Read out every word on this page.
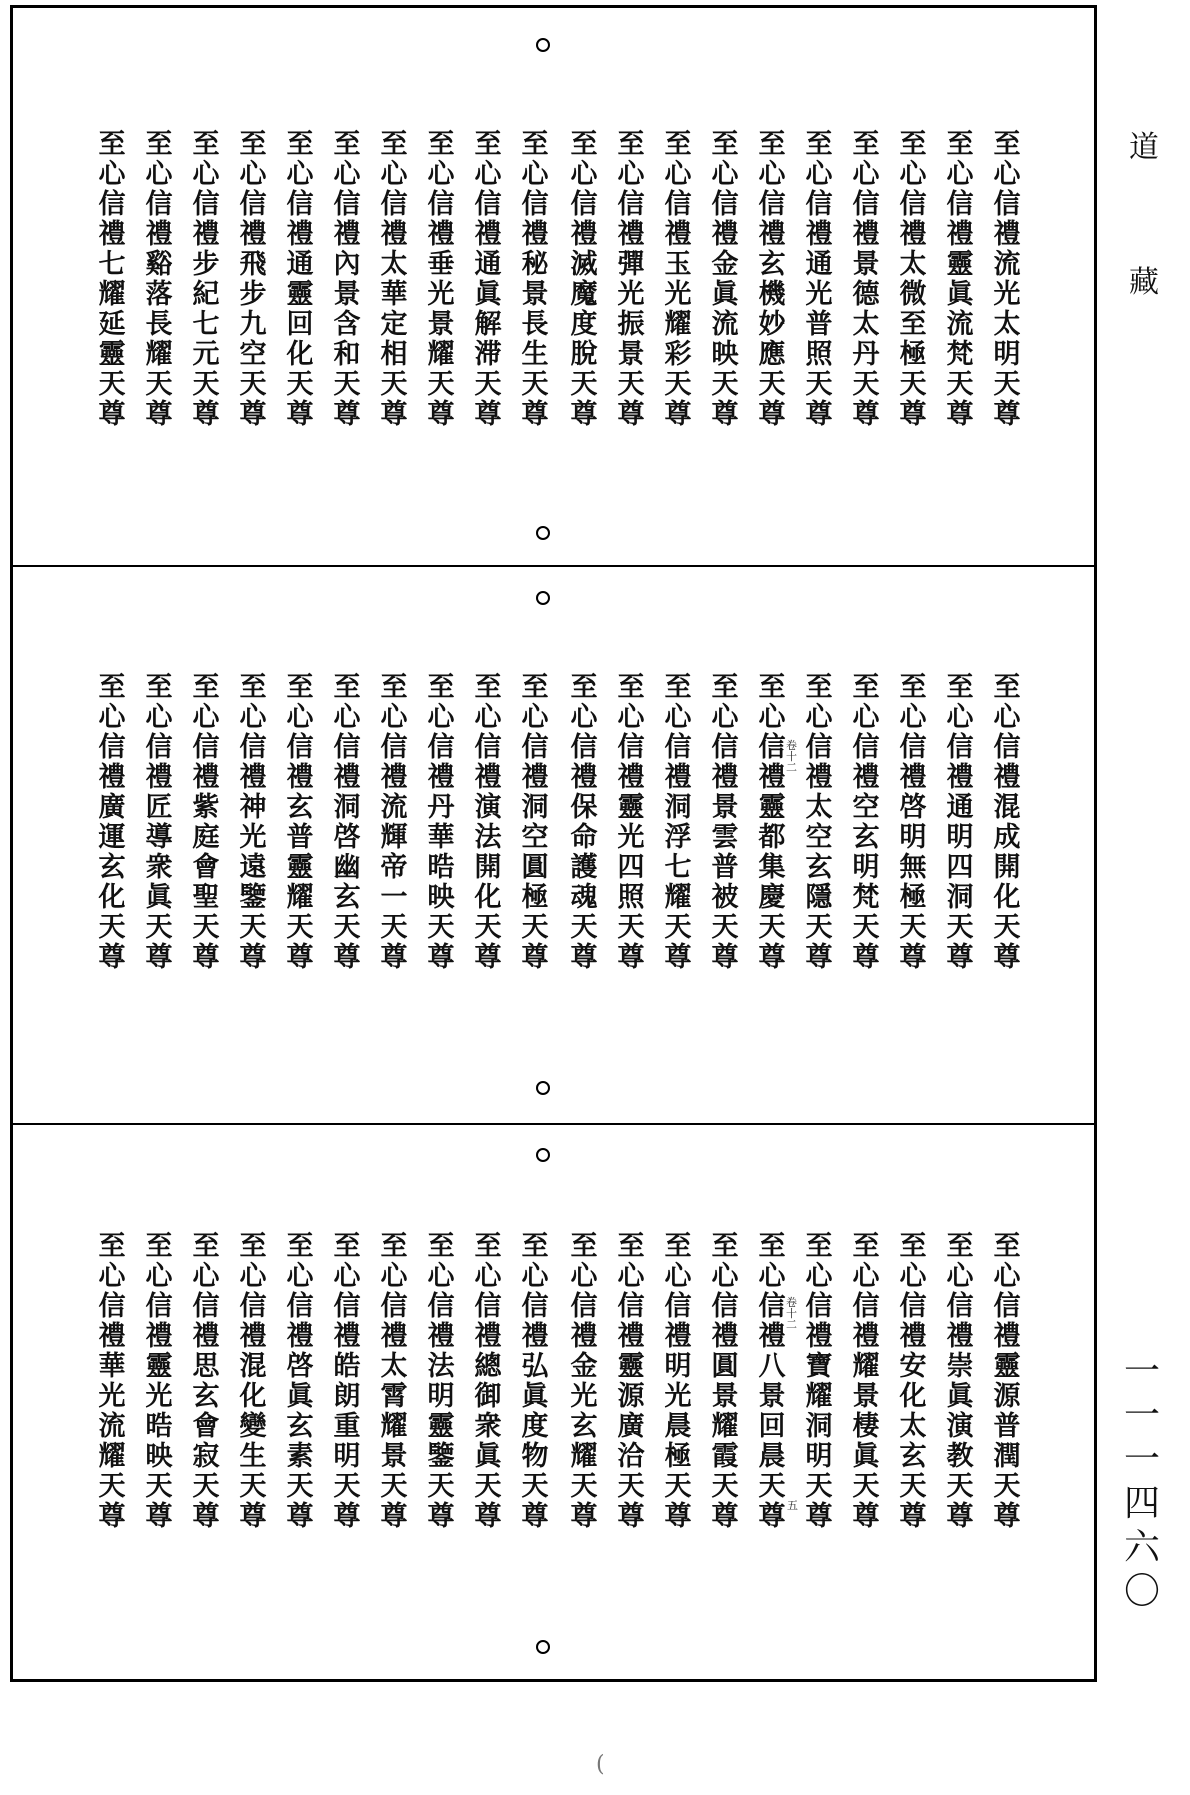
道
藏
一一一四六〇
卷十二
卷十二
五
(
至心信禮流光太明天尊
至心信禮靈眞流梵天尊
至心信禮太微至極天尊
至心信禮景德太丹天尊
至心信禮通光普照天尊
至心信禮玄機妙應天尊
至心信禮金眞流映天尊
至心信禮玉光耀彩天尊
至心信禮彈光振景天尊
至心信禮滅魔度脫天尊
至心信禮秘景長生天尊
至心信禮通眞解滞天尊
至心信禮垂光景耀天尊
至心信禮太華定相天尊
至心信禮內景含和天尊
至心信禮通靈回化天尊
至心信禮飛步九空天尊
至心信禮步紀七元天尊
至心信禮谿落長耀天尊
至心信禮七耀延靈天尊
至心信禮混成開化天尊
至心信禮通明四洞天尊
至心信禮啓明無極天尊
至心信禮空玄明梵天尊
至心信禮太空玄隱天尊
至心信禮靈都集慶天尊
至心信禮景雲普被天尊
至心信禮洞浮七耀天尊
至心信禮靈光四照天尊
至心信禮保命護魂天尊
至心信禮洞空圓極天尊
至心信禮演法開化天尊
至心信禮丹華晧映天尊
至心信禮流輝帝一天尊
至心信禮洞啓幽玄天尊
至心信禮玄普靈耀天尊
至心信禮神光遠鑒天尊
至心信禮紫庭會聖天尊
至心信禮匠導衆眞天尊
至心信禮廣運玄化天尊
至心信禮靈源普潤天尊
至心信禮崇眞演教天尊
至心信禮安化太玄天尊
至心信禮耀景棲眞天尊
至心信禮寶耀洞明天尊
至心信禮八景回晨天尊
至心信禮圓景耀霞天尊
至心信禮明光晨極天尊
至心信禮靈源廣洽天尊
至心信禮金光玄耀天尊
至心信禮弘眞度物天尊
至心信禮總御衆眞天尊
至心信禮法明靈鑒天尊
至心信禮太霄耀景天尊
至心信禮皓朗重明天尊
至心信禮啓眞玄素天尊
至心信禮混化變生天尊
至心信禮思玄會寂天尊
至心信禮靈光晧映天尊
至心信禮華光流耀天尊
